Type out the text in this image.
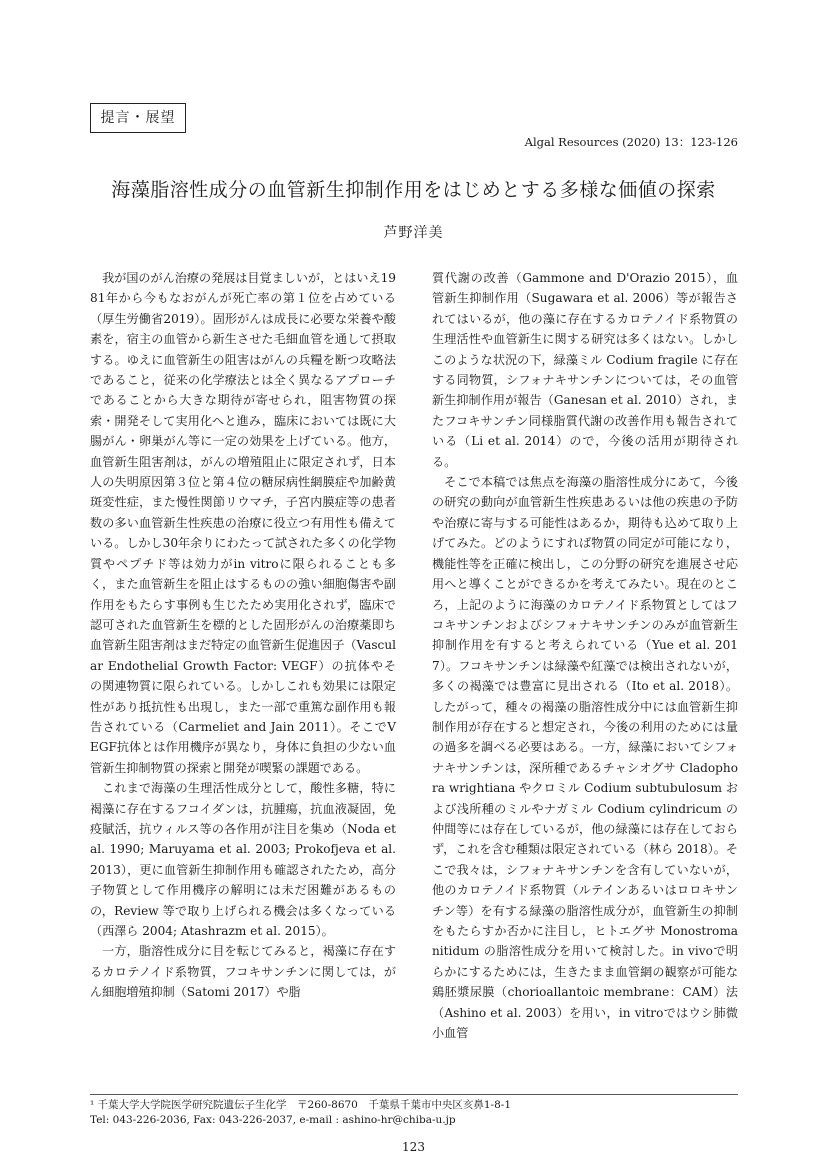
提言・展望
Algal Resources (2020) 13：123-126
海藻脂溶性成分の血管新生抑制作用をはじめとする多様な価値の探索
芦野洋美

我が国のがん治療の発展は目覚ましいが，とはいえ1981年から今もなおがんが死亡率の第１位を占めている（厚生労働省2019）。固形がんは成長に必要な栄養や酸素を，宿主の血管から新生させた毛細血管を通して摂取する。ゆえに血管新生の阻害はがんの兵糧を断つ攻略法であること，従来の化学療法とは全く異なるアプローチであることから大きな期待が寄せられ，阻害物質の探索・開発そして実用化へと進み，臨床においては既に大腸がん・卵巣がん等に一定の効果を上げている。他方，血管新生阻害剤は，がんの増殖阻止に限定されず，日本人の失明原因第３位と第４位の糖尿病性網膜症や加齢黄斑変性症，また慢性関節リウマチ，子宮内膜症等の患者数の多い血管新生性疾患の治療に役立つ有用性も備えている。しかし30年余りにわたって試された多くの化学物質やペプチド等は効力がin vitroに限られることも多く，また血管新生を阻止はするものの強い細胞傷害や副作用をもたらす事例も生じたため実用化されず，臨床で認可された血管新生を標的とした固形がんの治療薬即ち血管新生阻害剤はまだ特定の血管新生促進因子（Vascular Endothelial Growth Factor: VEGF）の抗体やその関連物質に限られている。しかしこれも効果には限定性があり抵抗性も出現し，また一部で重篤な副作用も報告されている（Carmeliet and Jain 2011）。そこでVEGF抗体とは作用機序が異なり，身体に負担の少ない血管新生抑制物質の探索と開発が喫緊の課題である。

これまで海藻の生理活性成分として，酸性多糖，特に褐藻に存在するフコイダンは，抗腫瘍，抗血液凝固，免疫賦活，抗ウィルス等の各作用が注目を集め（Noda et al. 1990; Maruyama et al. 2003; Prokofjeva et al. 2013），更に血管新生抑制作用も確認されたため，高分子物質として作用機序の解明には未だ困難があるものの，Review 等で取り上げられる機会は多くなっている（西澤ら 2004; Atashrazm et al. 2015）。

一方，脂溶性成分に目を転じてみると，褐藻に存在するカロテノイド系物質，フコキサンチンに関しては，がん細胞増殖抑制（Satomi 2017）や脂

質代謝の改善（Gammone and D'Orazio 2015），血管新生抑制作用（Sugawara et al. 2006）等が報告されてはいるが，他の藻に存在するカロテノイド系物質の生理活性や血管新生に関する研究は多くはない。しかしこのような状況の下，緑藻ミル Codium fragile に存在する同物質，シフォナキサンチンについては，その血管新生抑制作用が報告（Ganesan et al. 2010）され，またフコキサンチン同様脂質代謝の改善作用も報告されている（Li et al. 2014）ので，今後の活用が期待される。

そこで本稿では焦点を海藻の脂溶性成分にあて，今後の研究の動向が血管新生性疾患あるいは他の疾患の予防や治療に寄与する可能性はあるか，期待も込めて取り上げてみた。どのようにすれば物質の同定が可能になり，機能性等を正確に検出し，この分野の研究を進展させ応用へと導くことができるかを考えてみたい。現在のところ，上記のように海藻のカロテノイド系物質としてはフコキサンチンおよびシフォナキサンチンのみが血管新生抑制作用を有すると考えられている（Yue et al. 2017）。フコキサンチンは緑藻や紅藻では検出されないが，多くの褐藻では豊富に見出される（Ito et al. 2018）。したがって，種々の褐藻の脂溶性成分中には血管新生抑制作用が存在すると想定され，今後の利用のためには量の過多を調べる必要はある。一方，緑藻においてシフォナキサンチンは，深所種であるチャシオグサ Cladophora wrightiana やクロミル Codium subtubulosum および浅所種のミルやナガミル Codium cylindricum の仲間等には存在しているが，他の緑藻には存在しておらず，これを含む種類は限定されている（林ら 2018）。そこで我々は，シフォナキサンチンを含有していないが，他のカロテノイド系物質（ルテインあるいはロロキサンチン等）を有する緑藻の脂溶性成分が，血管新生の抑制をもたらすか否かに注目し，ヒトエグサ Monostroma nitidum の脂溶性成分を用いて検討した。in vivoで明らかにするためには，生きたまま血管網の観察が可能な鶏胚漿尿膜（chorioallantoic membrane：CAM）法（Ashino et al. 2003）を用い，in vitroではウシ肺微小血管

¹ 千葉大学大学院医学研究院遺伝子生化学　〒260-8670　千葉県千葉市中央区亥鼻1-8-1
Tel: 043-226-2036, Fax: 043-226-2037, e-mail : ashino-hr@chiba-u.jp
123
